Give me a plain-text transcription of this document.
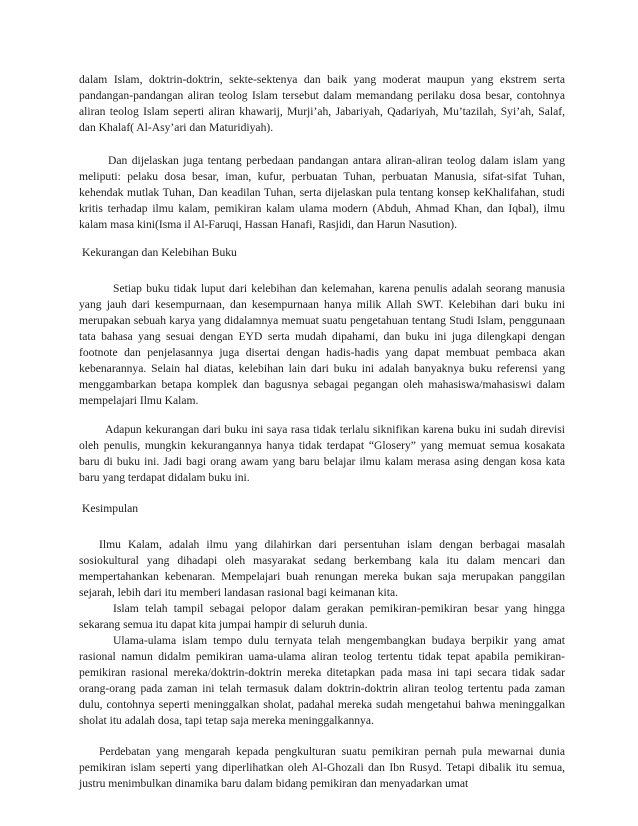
dalam Islam, doktrin-doktrin, sekte-sektenya dan baik yang moderat maupun yang ekstrem serta pandangan-pandangan aliran teolog Islam tersebut dalam memandang perilaku dosa besar, contohnya aliran teolog Islam seperti aliran khawarij, Murji’ah, Jabariyah, Qadariyah, Mu’tazilah, Syi’ah, Salaf, dan Khalaf( Al-Asy’ari dan Maturidiyah).

Dan dijelaskan juga tentang perbedaan pandangan antara aliran-aliran teolog dalam islam yang meliputi: pelaku dosa besar, iman, kufur, perbuatan Tuhan, perbuatan Manusia, sifat-sifat Tuhan, kehendak mutlak Tuhan, Dan keadilan Tuhan, serta dijelaskan pula tentang konsep keKhalifahan, studi kritis terhadap ilmu kalam, pemikiran kalam ulama modern (Abduh, Ahmad Khan, dan Iqbal), ilmu kalam masa kini(Isma il Al-Faruqi, Hassan Hanafi, Rasjidi, dan Harun Nasution).

Kekurangan dan Kelebihan Buku

Setiap buku tidak luput dari kelebihan dan kelemahan, karena penulis adalah seorang manusia yang jauh dari kesempurnaan, dan kesempurnaan hanya milik Allah SWT. Kelebihan dari buku ini merupakan sebuah karya yang didalamnya memuat suatu pengetahuan tentang Studi Islam, penggunaan tata bahasa yang sesuai dengan EYD serta mudah dipahami, dan buku ini juga dilengkapi dengan footnote dan penjelasannya juga disertai dengan hadis-hadis yang dapat membuat pembaca akan kebenarannya. Selain hal diatas, kelebihan lain dari buku ini adalah banyaknya buku referensi yang menggambarkan betapa komplek dan bagusnya sebagai pegangan oleh mahasiswa/mahasiswi dalam mempelajari Ilmu Kalam.

Adapun kekurangan dari buku ini saya rasa tidak terlalu siknifikan karena buku ini sudah direvisi oleh penulis, mungkin kekurangannya hanya tidak terdapat “Glosery” yang memuat semua kosakata baru di buku ini. Jadi bagi orang awam yang baru belajar ilmu kalam merasa asing dengan kosa kata baru yang terdapat didalam buku ini.

Kesimpulan

Ilmu Kalam, adalah ilmu yang dilahirkan dari persentuhan islam dengan berbagai masalah sosiokultural yang dihadapi oleh masyarakat sedang berkembang kala itu dalam mencari dan mempertahankan kebenaran. Mempelajari buah renungan mereka bukan saja merupakan panggilan sejarah, lebih dari itu memberi landasan rasional bagi keimanan kita.

Islam telah tampil sebagai pelopor dalam gerakan pemikiran-pemikiran besar yang hingga sekarang semua itu dapat kita jumpai hampir di seluruh dunia.

Ulama-ulama islam tempo dulu ternyata telah mengembangkan budaya berpikir yang amat rasional namun didalm pemikiran uama-ulama aliran teolog tertentu tidak tepat apabila pemikiran-pemikiran rasional mereka/doktrin-doktrin mereka ditetapkan pada masa ini tapi secara tidak sadar orang-orang pada zaman ini telah termasuk dalam doktrin-doktrin aliran teolog tertentu pada zaman dulu, contohnya seperti meninggalkan sholat, padahal mereka sudah mengetahui bahwa meninggalkan sholat itu adalah dosa, tapi tetap saja mereka meninggalkannya.

Perdebatan yang mengarah kepada pengkulturan suatu pemikiran pernah pula mewarnai dunia pemikiran islam seperti yang diperlihatkan oleh Al-Ghozali dan Ibn Rusyd. Tetapi dibalik itu semua, justru menimbulkan dinamika baru dalam bidang pemikiran dan menyadarkan umat
